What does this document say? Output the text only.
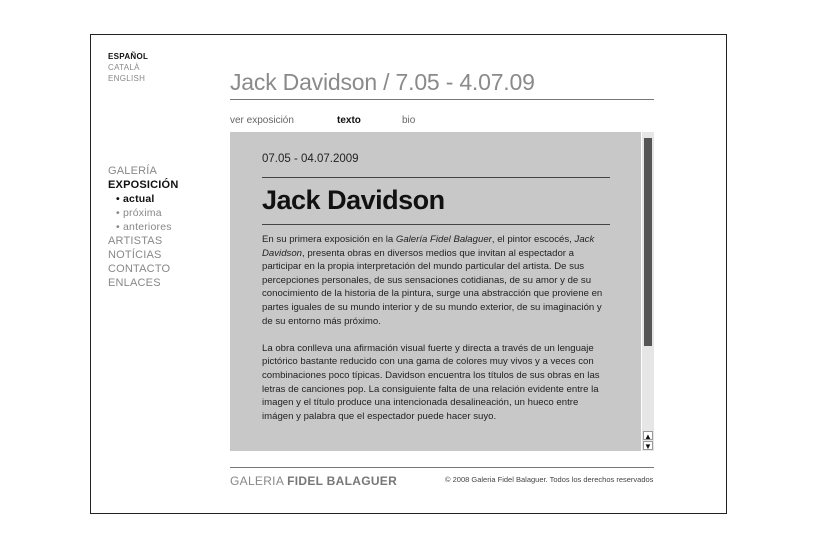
ESPAÑOL
CATALÀ
ENGLISH
GALERÍA
EXPOSICIÓN
• actual
• próxima
• anteriores
ARTISTAS
NOTÍCIAS
CONTACTO
ENLACES
Jack Davidson / 7.05 - 4.07.09
ver exposición	texto	bio
07.05 - 04.07.2009
Jack Davidson

En su primera exposición en la Galería Fidel Balaguer, el pintor escocés, Jack Davidson, presenta obras en diversos medios que invitan al espectador a participar en la propia interpretación del mundo particular del artista. De sus percepciones personales, de sus sensaciones cotidianas, de su amor y de su conocimiento de la historia de la pintura, surge una abstracción que proviene en partes iguales de su mundo interior y de su mundo exterior, de su imaginación y de su entorno más próximo.

La obra conlleva una afirmación visual fuerte y directa a través de un lenguaje pictórico bastante reducido con una gama de colores muy vivos y a veces con combinaciones poco típicas. Davidson encuentra los títulos de sus obras en las letras de canciones pop. La consiguiente falta de una relación evidente entre la imagen y el título produce una intencionada desalineación, un hueco entre imágen y palabra que el espectador puede hacer suyo.

▲
▼
GALERIA FIDEL BALAGUER	© 2008 Galeria Fidel Balaguer. Todos los derechos reservados
